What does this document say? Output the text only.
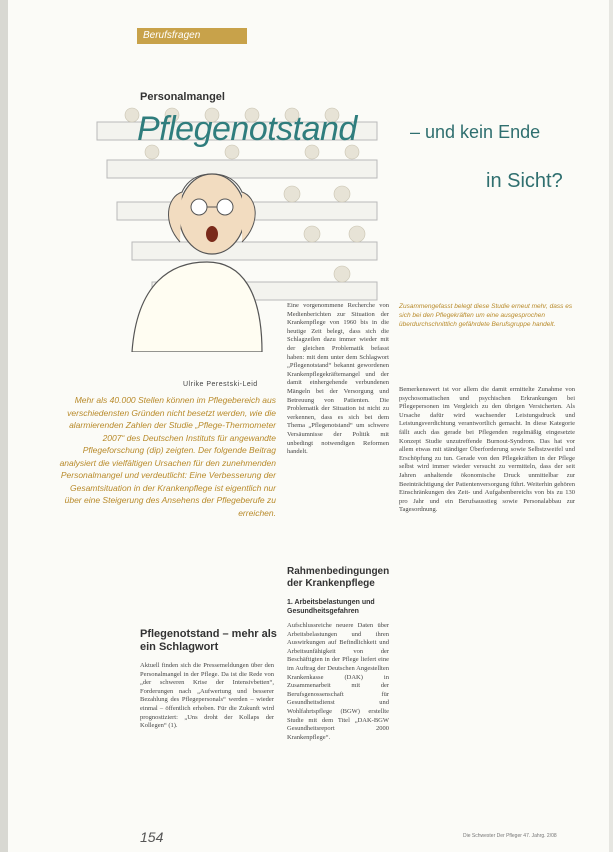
Berufsfragen
Personalmangel
Pflegenotstand	– und kein Ende
in Sicht?
Ulrike Perestski-Leid
Mehr als 40.000 Stellen können im Pflegebereich aus verschiedensten Gründen nicht besetzt werden, wie die alarmierenden Zahlen der Studie „Pflege-Thermometer 2007“ des Deutschen Instituts für angewandte Pflegeforschung (dip) zeigten. Der folgende Beitrag analysiert die vielfältigen Ursachen für den zunehmenden Personalmangel und verdeutlicht: Eine Verbesserung der Gesamtsituation in der Krankenpflege ist eigentlich nur über eine Steigerung des Ansehens der Pflegeberufe zu erreichen.
Pflegenotstand – mehr als ein Schlagwort
Aktuell finden sich die Pressemeldungen über den Personalmangel in der Pflege. Da ist die Rede von „der schweren Krise der Intensivbetten“, Forderungen nach „Aufwertung und besserer Bezahlung des Pflegepersonals“ werden – wieder einmal – öffentlich erhoben. Für die Zukunft wird prognostiziert: „Uns droht der Kollaps der Kollegen“ (1).
Eine vorgenommene Recherche von Medienberichten zur Situation der Krankenpflege von 1960 bis in die heutige Zeit belegt, dass sich die Schlagzeilen dazu immer wieder mit der gleichen Problematik befasst haben: mit dem unter dem Schlagwort „Pflegenotstand“ bekannt gewordenen Krankenpflegekräftemangel und der damit einhergehende verbundenen Mängeln bei der Versorgung und Betreuung von Patienten. Die Problematik der Situation ist nicht zu verkennen, dass es sich bei dem Thema „Pflegenotstand“ um schwere Versäumnisse der Politik mit unbedingt notwendigen Reformen handelt.
Rahmenbedingungen der Krankenpflege
1. Arbeitsbelastungen und Gesundheitsgefahren
Aufschlussreiche neuere Daten über Arbeitsbelastungen und ihren Auswirkungen auf Befindlichkeit und Arbeitsunfähigkeit von der Beschäftigten in der Pflege liefert eine im Auftrag der Deutschen Angestellten Krankenkasse (DAK) in Zusammenarbeit mit der Berufsgenossenschaft für Gesundheitsdienst und Wohlfahrtspflege (BGW) erstellte Studie mit dem Titel „DAK-BGW Gesundheitsreport 2000 Krankenpflege“.
Zusammengefasst belegt diese Studie erneut mehr, dass es sich bei den Pflegekräften um eine ausgesprochen überdurchschnittlich gefährdete Berufsgruppe handelt.
Bemerkenswert ist vor allem die damit ermittelte Zunahme von psychosomatischen und psychischen Erkrankungen bei Pflegepersonen im Vergleich zu den übrigen Versicherten. Als Ursache dafür wird wachsender Leistungsdruck und Leistungsverdichtung verantwortlich gemacht. In diese Kategorie fällt auch das gerade bei Pflegenden regelmäßig eingesetzte Konzept Studie unzutreffende Burnout-Syndrom. Das hat vor allem etwas mit ständiger Überforderung sowie Selbstzweifel und Erschöpfung zu tun. Gerade von den Pflegekräften in der Pflege selbst wird immer wieder versucht zu vermitteln, dass der seit Jahren anhaltende ökonomische Druck unmittelbar zur Beeinträchtigung der Patientenversorgung führt. Weiterhin gehören Einschränkungen des Zeit- und Aufgabenbereichs von bis zu 130 pro Jahr und ein Berufsausstieg sowie Personalabbau zur Tagesordnung.
154	Die Schwester Der Pfleger 47. Jahrg. 2/08
